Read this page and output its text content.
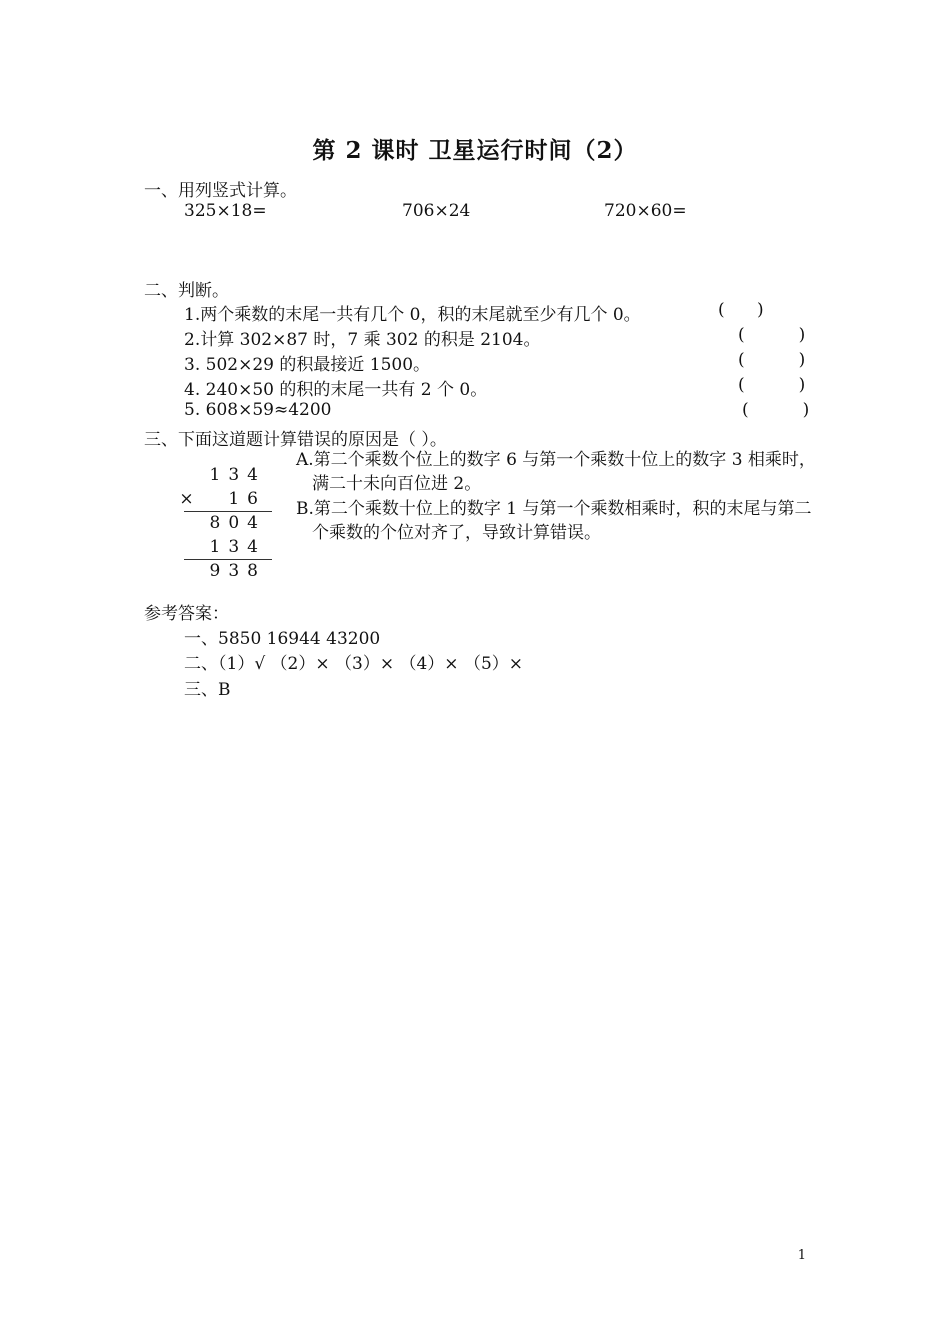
第 2 课时 卫星运行时间（2）
一、用列竖式计算。
325×18=	706×24	720×60=
二、判断。
1.两个乘数的末尾一共有几个 0，积的末尾就至少有几个 0。	(      )
2.计算 302×87 时，7 乘 302 的积是 2104。	(          )
3. 502×29 的积最接近 1500。	(          )
4. 240×50 的积的末尾一共有 2 个 0。	(          )
5. 608×59≈4200	(          )
三、下面这道题计算错误的原因是（ ）。
134
×  16
804
134
938
A.第二个乘数个位上的数字 6 与第一个乘数十位上的数字 3 相乘时，满二十未向百位进 2。
B.第二个乘数十位上的数字 1 与第一个乘数相乘时，积的末尾与第二个乘数的个位对齐了，导致计算错误。
参考答案：
一、5850 16944 43200
二、（1）√ （2）× （3）× （4）× （5）×
三、B
1
